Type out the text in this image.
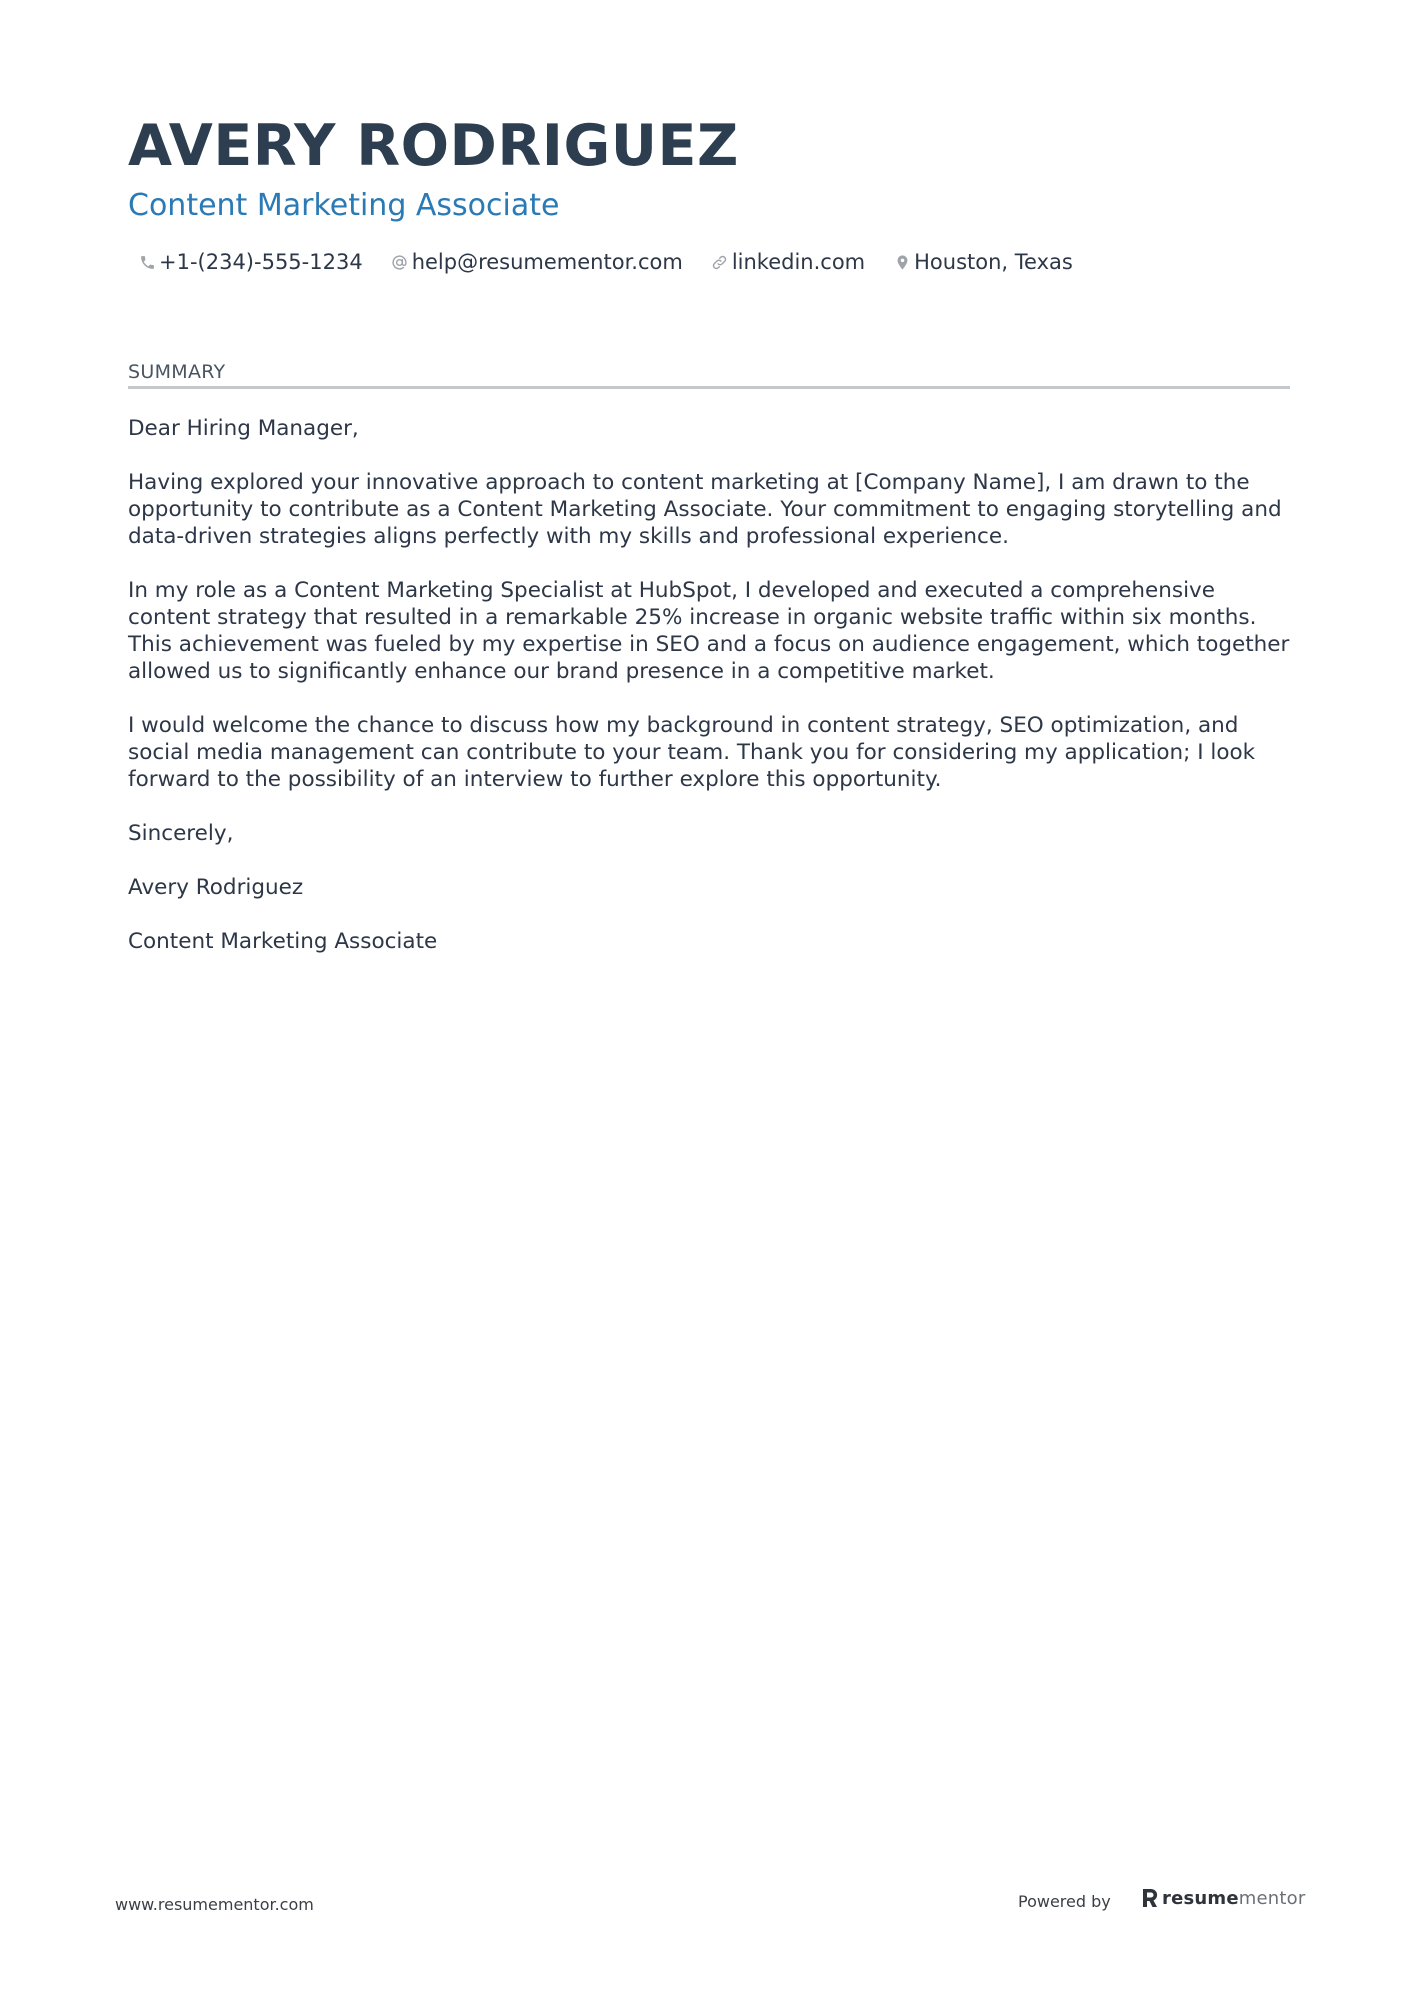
AVERY RODRIGUEZ
Content Marketing Associate
+1-(234)-555-1234 help@resumementor.com linkedin.com Houston, Texas
SUMMARY

Dear Hiring Manager,

Having explored your innovative approach to content marketing at [Company Name], I am drawn to the opportunity to contribute as a Content Marketing Associate. Your commitment to engaging storytelling and data-driven strategies aligns perfectly with my skills and professional experience.

In my role as a Content Marketing Specialist at HubSpot, I developed and executed a comprehensive content strategy that resulted in a remarkable 25% increase in organic website traffic within six months. This achievement was fueled by my expertise in SEO and a focus on audience engagement, which together allowed us to significantly enhance our brand presence in a competitive market.

I would welcome the chance to discuss how my background in content strategy, SEO optimization, and social media management can contribute to your team. Thank you for considering my application; I look forward to the possibility of an interview to further explore this opportunity.

Sincerely,

Avery Rodriguez

Content Marketing Associate

www.resumementor.com	Powered by	resumementor
